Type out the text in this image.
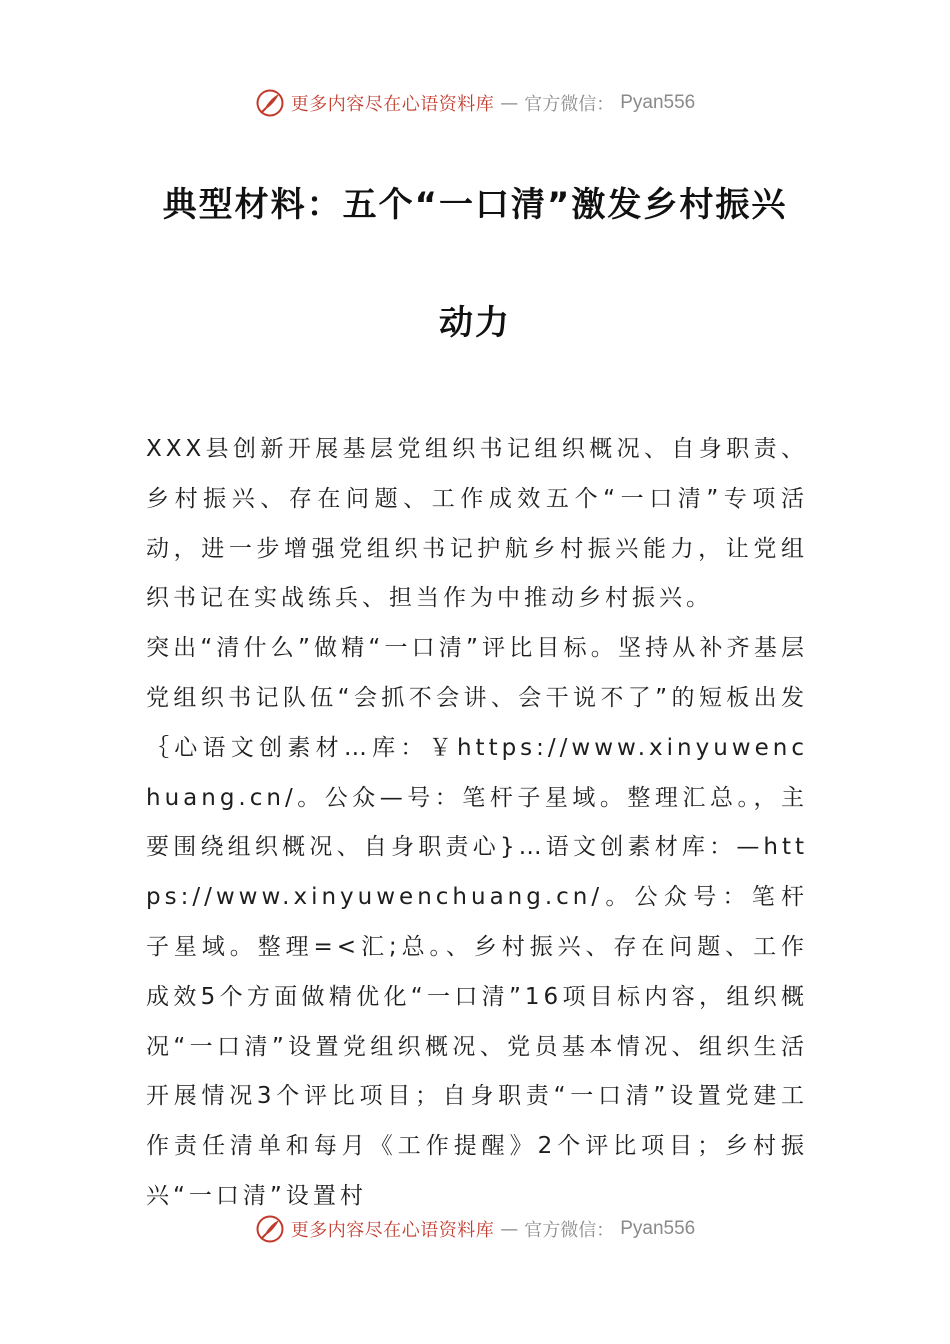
更多内容尽在心语资料库 — 官方微信： Pyan556
典型材料：五个“一口清”激发乡村振兴
动力

XXX县创新开展基层党组织书记组织概况、自身职责、乡村振兴、存在问题、工作成效五个“一口清”专项活动，进一步增强党组织书记护航乡村振兴能力，让党组织书记在实战练兵、担当作为中推动乡村振兴。

突出“清什么”做精“一口清”评比目标。坚持从补齐基层党组织书记队伍“会抓不会讲、会干说不了”的短板出发｛心语文创素材…库：￥https://www.xinyuwenchuang.cn/。公众—号：笔杆子星域。整理汇总。，主要围绕组织概况、自身职责心}…语文创素材库：—https://www.xinyuwenchuang.cn/。公众号：笔杆子星域。整理=<汇;总。、乡村振兴、存在问题、工作成效5个方面做精优化“一口清”16项目标内容，组织概况“一口清”设置党组织概况、党员基本情况、组织生活开展情况3个评比项目；自身职责“一口清”设置党建工作责任清单和每月《工作提醒》2个评比项目；乡村振兴“一口清”设置村

更多内容尽在心语资料库 — 官方微信： Pyan556
